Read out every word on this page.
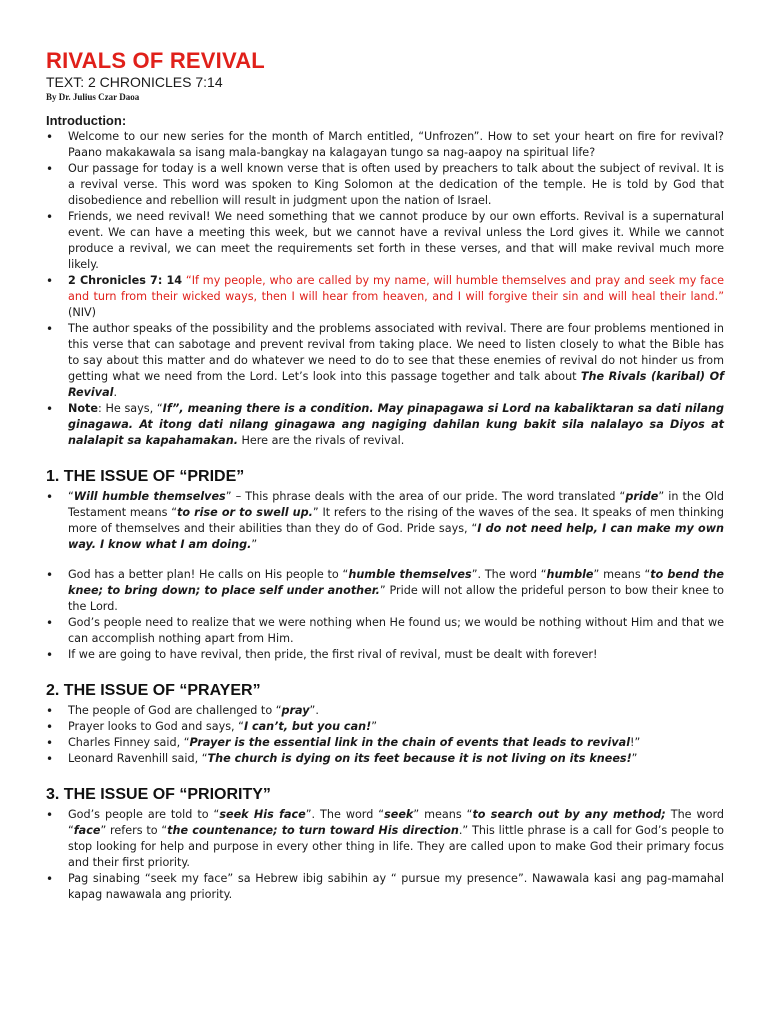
RIVALS OF REVIVAL
TEXT: 2 CHRONICLES 7:14
By Dr. Julius Czar Daoa
Introduction:
• Welcome to our new series for the month of March entitled, “Unfrozen”. How to set your heart on fire for revival? Paano makakawala sa isang mala-bangkay na kalagayan tungo sa nag-aapoy na spiritual life?
• Our passage for today is a well known verse that is often used by preachers to talk about the subject of revival. It is a revival verse. This word was spoken to King Solomon at the dedication of the temple. He is told by God that disobedience and rebellion will result in judgment upon the nation of Israel.
• Friends, we need revival! We need something that we cannot produce by our own efforts. Revival is a supernatural event. We can have a meeting this week, but we cannot have a revival unless the Lord gives it. While we cannot produce a revival, we can meet the requirements set forth in these verses, and that will make revival much more likely.
• 2 Chronicles 7: 14 “If my people, who are called by my name, will humble themselves and pray and seek my face and turn from their wicked ways, then I will hear from heaven, and I will forgive their sin and will heal their land.” (NIV)
• The author speaks of the possibility and the problems associated with revival. There are four problems mentioned in this verse that can sabotage and prevent revival from taking place. We need to listen closely to what the Bible has to say about this matter and do whatever we need to do to see that these enemies of revival do not hinder us from getting what we need from the Lord. Let’s look into this passage together and talk about The Rivals (karibal) Of Revival.
• Note: He says, “If”, meaning there is a condition. May pinapagawa si Lord na kabaliktaran sa dati nilang ginagawa. At itong dati nilang ginagawa ang nagiging dahilan kung bakit sila nalalayo sa Diyos at nalalapit sa kapahamakan. Here are the rivals of revival.
1. THE ISSUE OF “PRIDE”
• “Will humble themselves” – This phrase deals with the area of our pride. The word translated “pride” in the Old Testament means “to rise or to swell up.” It refers to the rising of the waves of the sea. It speaks of men thinking more of themselves and their abilities than they do of God. Pride says, “I do not need help, I can make my own way. I know what I am doing.”
• God has a better plan! He calls on His people to “humble themselves”. The word “humble” means “to bend the knee; to bring down; to place self under another.” Pride will not allow the prideful person to bow their knee to the Lord.
• God’s people need to realize that we were nothing when He found us; we would be nothing without Him and that we can accomplish nothing apart from Him.
• If we are going to have revival, then pride, the first rival of revival, must be dealt with forever!
2. THE ISSUE OF “PRAYER”
• The people of God are challenged to “pray”.
• Prayer looks to God and says, “I can’t, but you can!”
• Charles Finney said, “Prayer is the essential link in the chain of events that leads to revival!”
• Leonard Ravenhill said, “The church is dying on its feet because it is not living on its knees!”
3. THE ISSUE OF “PRIORITY”
• God’s people are told to “seek His face”. The word “seek” means “to search out by any method; The word “face” refers to “the countenance; to turn toward His direction.” This little phrase is a call for God’s people to stop looking for help and purpose in every other thing in life. They are called upon to make God their primary focus and their first priority.
• Pag sinabing “seek my face” sa Hebrew ibig sabihin ay “ pursue my presence”. Nawawala kasi ang pag-mamahal kapag nawawala ang priority.
